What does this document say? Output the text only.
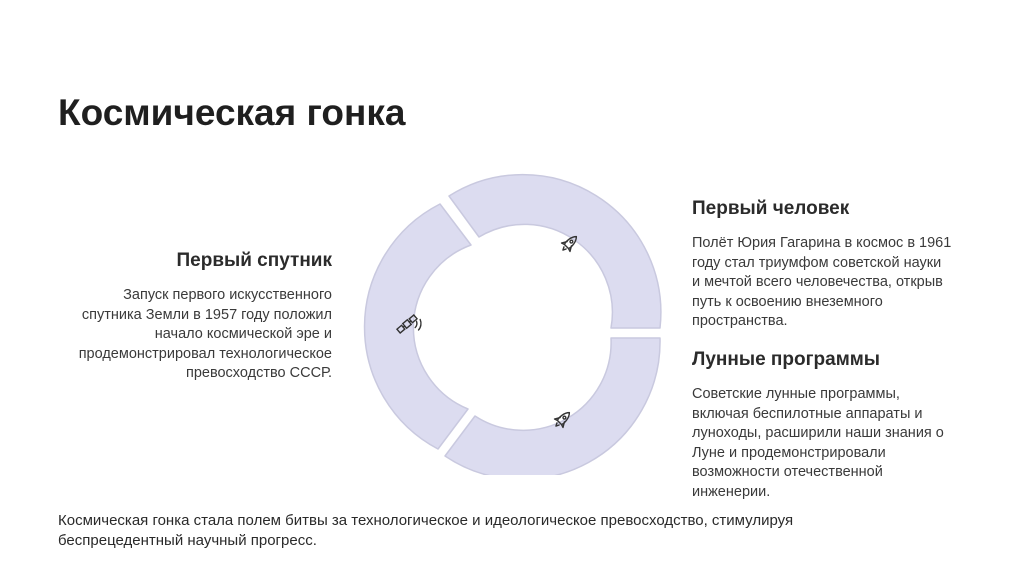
Космическая гонка
Первый спутник

Запуск первого искусственного спутника Земли в 1957 году положил начало космической эре и продемонстрировал технологическое превосходство СССР.

Первый человек

Полёт Юрия Гагарина в космос в 1961 году стал триумфом советской науки и мечтой всего человечества, открыв путь к освоению внеземного пространства.

Лунные программы

Советские лунные программы, включая беспилотные аппараты и луноходы, расширили наши знания о Луне и продемонстрировали возможности отечественной инженерии.

Космическая гонка стала полем битвы за технологическое и идеологическое превосходство, стимулируя беспрецедентный научный прогресс.
